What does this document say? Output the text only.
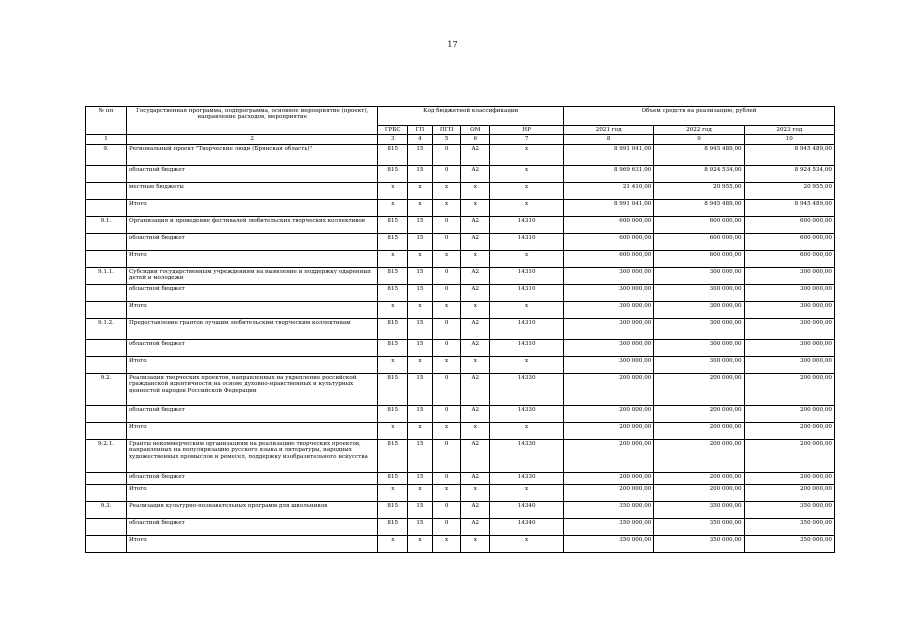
17
№ пп	Государственная программа, подпрограмма, основное мероприятие (проект), направление расходов, мероприятие	Код бюджетной классификации					Объем средств на реализацию, рублей		
		ГРБС	ГП	ПГП	ОМ	НР	2021 год	2022 год	2023 год
1	2	3	4	5	6	7	8	9	10
9.	Региональный проект "Творческие люди (Брянская область)"	815	15	0	A2	x	8 991 041,00	8 945 489,00	8 945 489,00
	областной бюджет	815	15	0	A2	x	8 969 631,00	8 924 534,00	8 924 534,00
	местные бюджеты	x	x	x	x	x	21 410,00	20 955,00	20 955,00
	Итого	x	x	x	x	x	8 991 041,00	8 945 489,00	8 945 489,00
9.1.	Организация и проведение фестивалей любительских творческих коллективов	815	15	0	A2	14310	600 000,00	600 000,00	600 000,00
	областной бюджет	815	15	0	A2	14310	600 000,00	600 000,00	600 000,00
	Итого	x	x	x	x	x	600 000,00	600 000,00	600 000,00
9.1.1.	Субсидии государственным учреждениям на выявление и поддержку одаренных детей и молодежи	815	15	0	A2	14310	300 000,00	300 000,00	300 000,00
	областной бюджет	815	15	0	A2	14310	300 000,00	300 000,00	300 000,00
	Итого	x	x	x	x	x	300 000,00	300 000,00	300 000,00
9.1.2.	Предоставление грантов лучшим любительским творческим коллективам	815	15	0	A2	14310	300 000,00	300 000,00	300 000,00
	областной бюджет	815	15	0	A2	14310	300 000,00	300 000,00	300 000,00
	Итого	x	x	x	x	x	300 000,00	300 000,00	300 000,00
9.2.	Реализация творческих проектов, направленных на укрепление российской гражданской идентичности на основе духовно-нравственных и культурных ценностей народов Российской Федерации	815	15	0	A2	14330	200 000,00	200 000,00	200 000,00
	областной бюджет	815	15	0	A2	14330	200 000,00	200 000,00	200 000,00
	Итого	x	x	x	x	x	200 000,00	200 000,00	200 000,00
9.2.1.	Гранты некоммерческим организациям на реализацию творческих проектов, направленных на популяризацию русского языка и литературы, народных художественных промыслов и ремесел, поддержку изобразительного искусства	815	15	0	A2	14330	200 000,00	200 000,00	200 000,00
	областной бюджет	815	15	0	A2	14330	200 000,00	200 000,00	200 000,00
	Итого	x	x	x	x	x	200 000,00	200 000,00	200 000,00
9.3.	Реализация культурно-познавательных программ для школьников	815	15	0	A2	14340	350 000,00	350 000,00	350 000,00
	областной бюджет	815	15	0	A2	14340	350 000,00	350 000,00	350 000,00
	Итого	x	x	x	x	x	350 000,00	350 000,00	350 000,00
